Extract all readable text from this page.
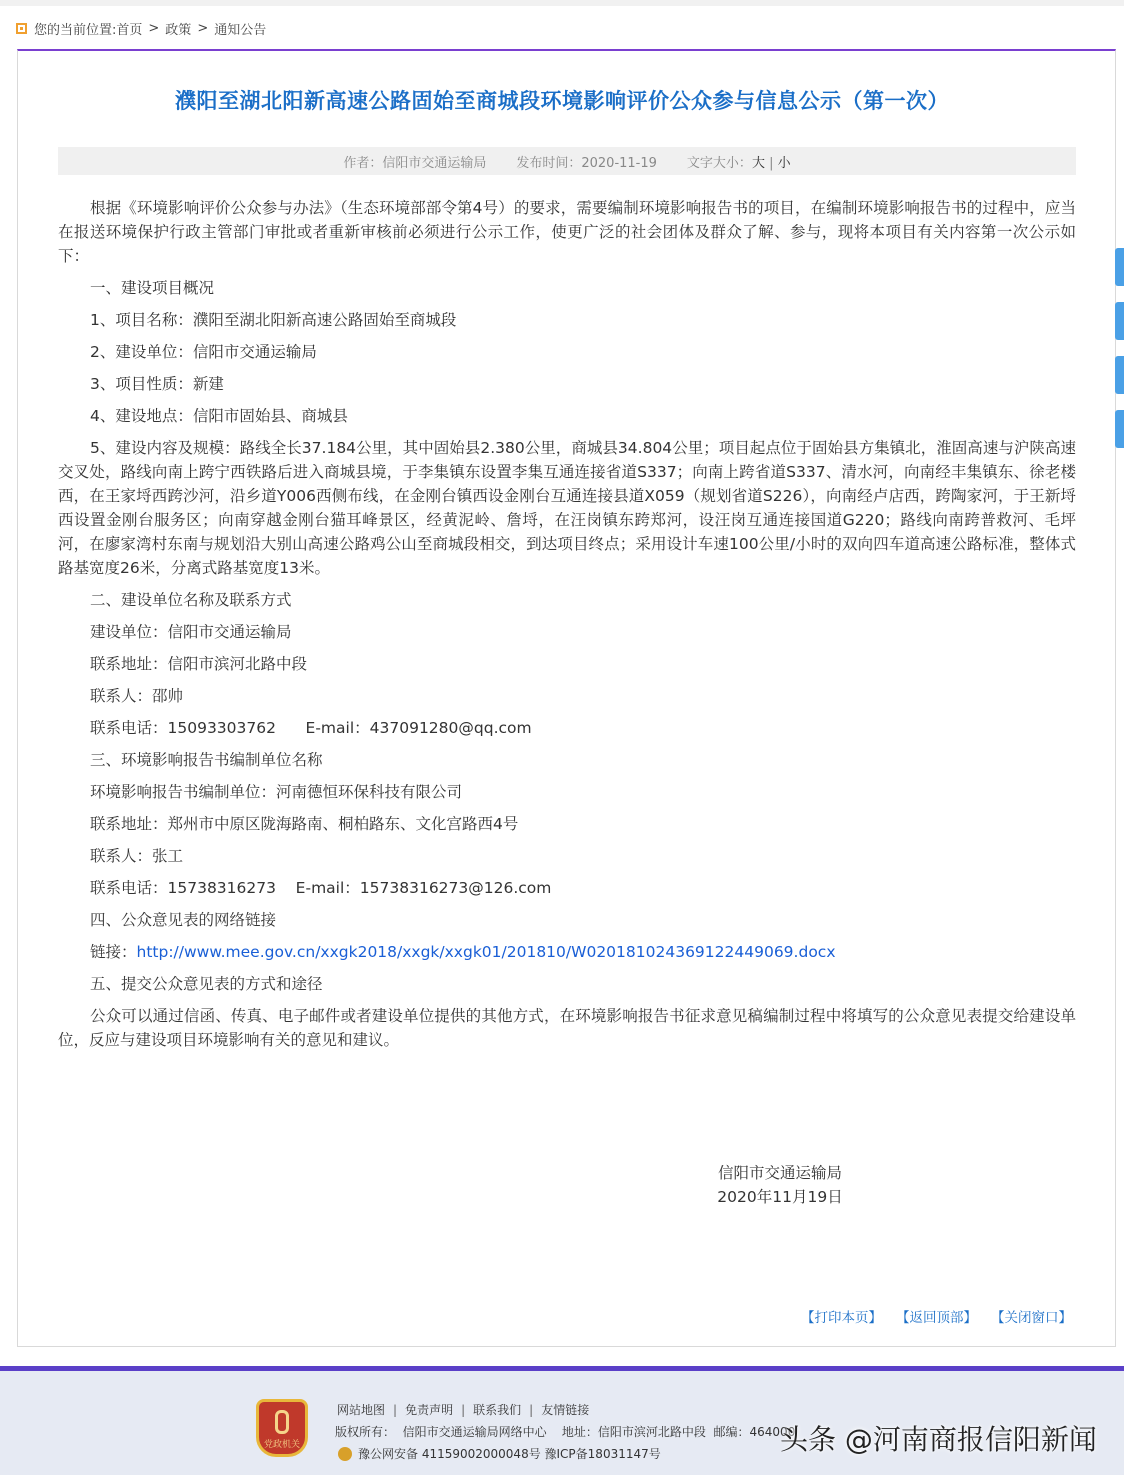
您的当前位置:首页 > 政策 > 通知公告
濮阳至湖北阳新高速公路固始至商城段环境影响评价公众参与信息公示（第一次）
作者：信阳市交通运输局 发布时间：2020-11-19 文字大小：大 | 小

根据《环境影响评价公众参与办法》（生态环境部部令第4号）的要求，需要编制环境影响报告书的项目，在编制环境影响报告书的过程中，应当在报送环境保护行政主管部门审批或者重新审核前必须进行公示工作，使更广泛的社会团体及群众了解、参与，现将本项目有关内容第一次公示如下：

一、建设项目概况

1、项目名称：濮阳至湖北阳新高速公路固始至商城段

2、建设单位：信阳市交通运输局

3、项目性质：新建

4、建设地点：信阳市固始县、商城县

5、建设内容及规模：路线全长37.184公里，其中固始县2.380公里，商城县34.804公里；项目起点位于固始县方集镇北，淮固高速与沪陕高速交叉处，路线向南上跨宁西铁路后进入商城县境，于李集镇东设置李集互通连接省道S337；向南上跨省道S337、清水河，向南经丰集镇东、徐老楼西，在王家埒西跨沙河，沿乡道Y006西侧布线，在金刚台镇西设金刚台互通连接县道X059（规划省道S226），向南经卢店西，跨陶家河，于王新埒西设置金刚台服务区；向南穿越金刚台猫耳峰景区，经黄泥岭、詹埒，在汪岗镇东跨郑河，设汪岗互通连接国道G220；路线向南跨普救河、毛坪河，在廖家湾村东南与规划沿大别山高速公路鸡公山至商城段相交，到达项目终点；采用设计车速100公里/小时的双向四车道高速公路标准，整体式路基宽度26米，分离式路基宽度13米。

二、建设单位名称及联系方式

建设单位：信阳市交通运输局

联系地址：信阳市滨河北路中段

联系人：邵帅

联系电话：15093303762      E-mail：437091280@qq.com

三、环境影响报告书编制单位名称

环境影响报告书编制单位：河南德恒环保科技有限公司

联系地址：郑州市中原区陇海路南、桐柏路东、文化宫路西4号

联系人：张工

联系电话：15738316273    E-mail：15738316273@126.com

四、公众意见表的网络链接

链接：http://www.mee.gov.cn/xxgk2018/xxgk/xxgk01/201810/W020181024369122449069.docx

五、提交公众意见表的方式和途径

公众可以通过信函、传真、电子邮件或者建设单位提供的其他方式，在环境影响报告书征求意见稿编制过程中将填写的公众意见表提交给建设单位，反应与建设项目环境影响有关的意见和建议。

信阳市交通运输局
2020年11月19日
【打印本页】 【返回顶部】 【关闭窗口】
党政机关
网站地图 | 免责声明 | 联系我们 | 友情链接
版权所有：  信阳市交通运输局网络中心    地址：信阳市滨河北路中段  邮编：464000
豫公网安备 41159002000048号 豫ICP备18031147号	头条 @河南商报信阳新闻
